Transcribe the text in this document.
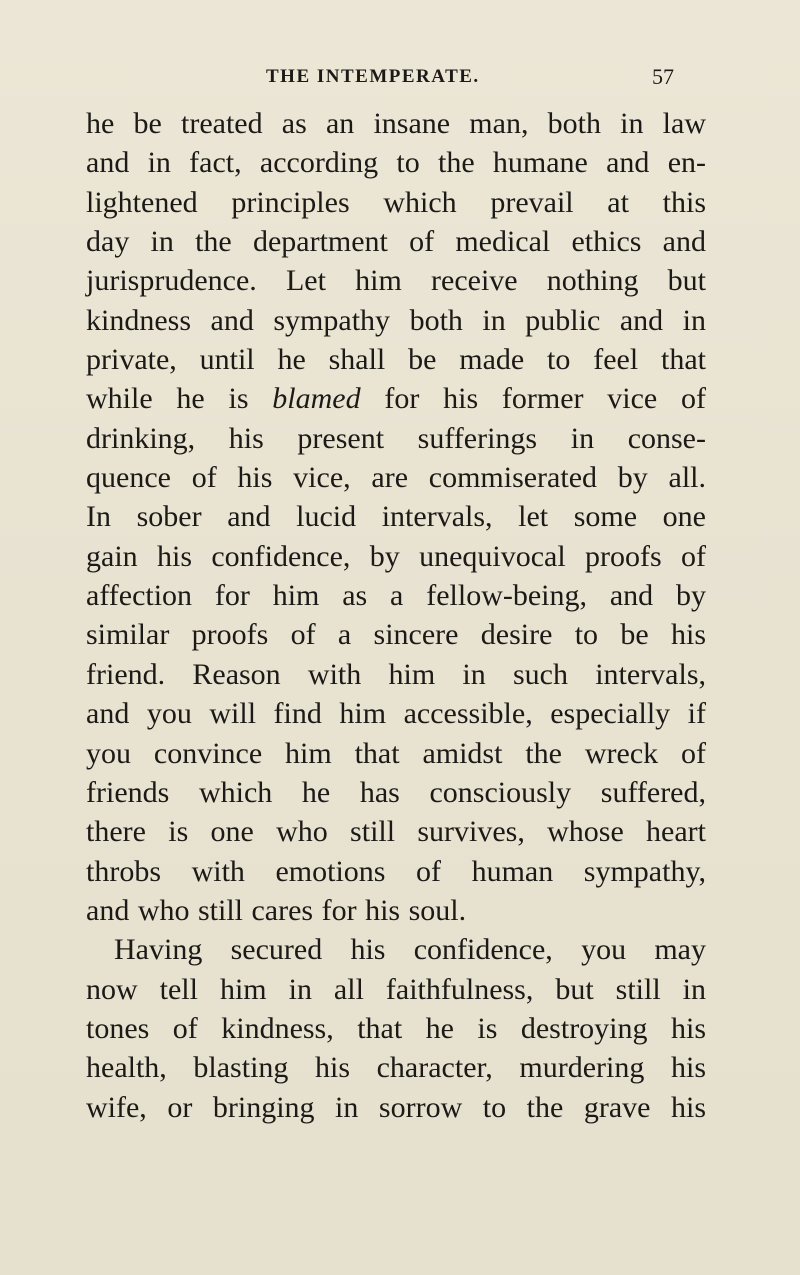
THE INTEMPERATE.	57
he be treated as an insane man, both in law
and in fact, according to the humane and en-
lightened principles which prevail at this
day in the department of medical ethics and
jurisprudence. Let him receive nothing but
kindness and sympathy both in public and in
private, until he shall be made to feel that
while he is blamed for his former vice of
drinking, his present sufferings in conse-
quence of his vice, are commiserated by all.
In sober and lucid intervals, let some one
gain his confidence, by unequivocal proofs of
affection for him as a fellow-being, and by
similar proofs of a sincere desire to be his
friend. Reason with him in such intervals,
and you will find him accessible, especially if
you convince him that amidst the wreck of
friends which he has consciously suffered,
there is one who still survives, whose heart
throbs with emotions of human sympathy,
and who still cares for his soul.
Having secured his confidence, you may
now tell him in all faithfulness, but still in
tones of kindness, that he is destroying his
health, blasting his character, murdering his
wife, or bringing in sorrow to the grave his
